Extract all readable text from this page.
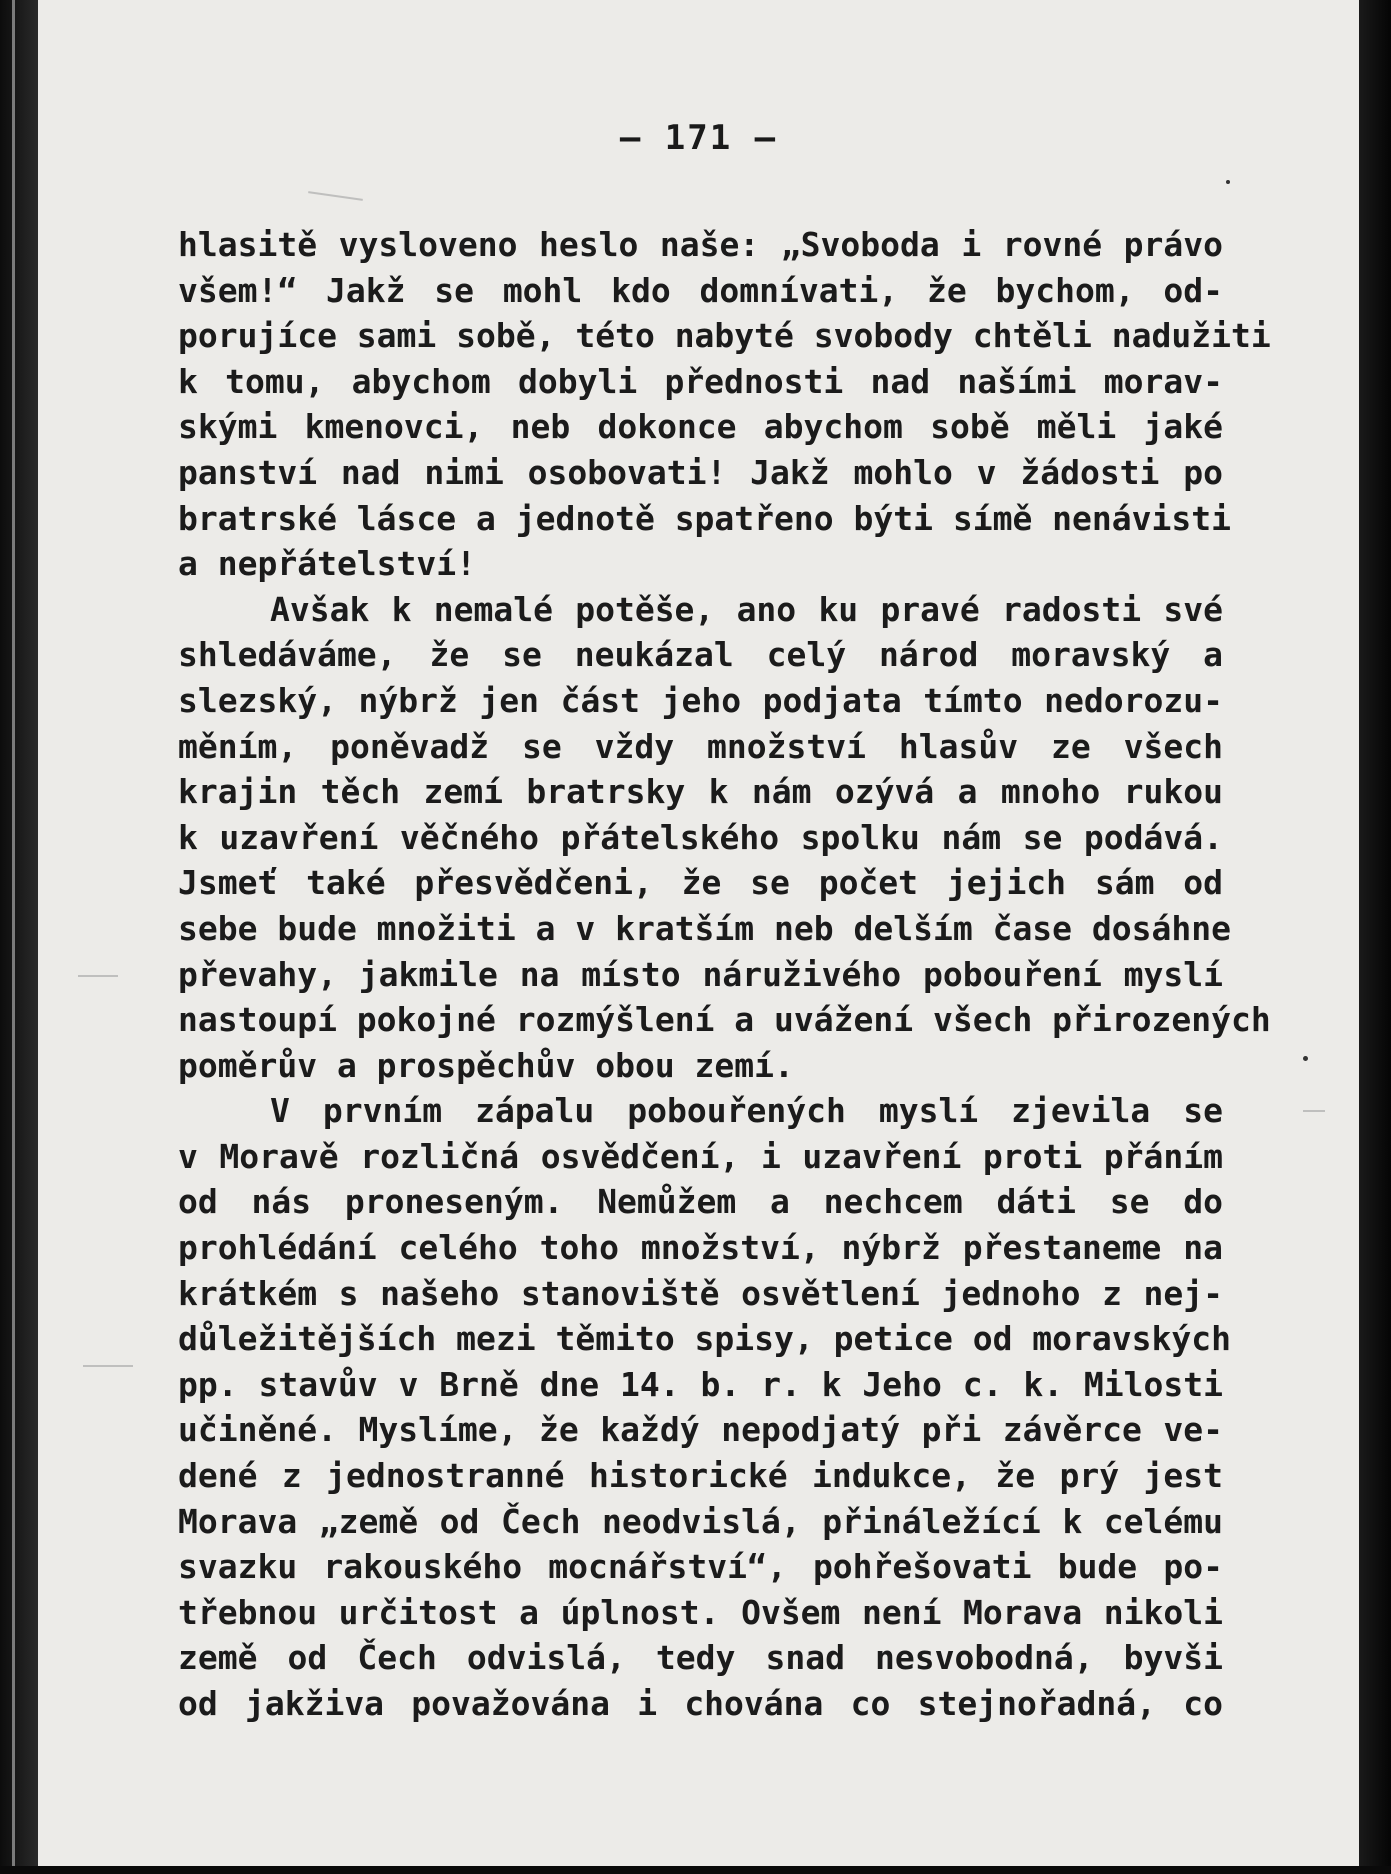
— 171 —
hlasitě vysloveno heslo naše: „Svoboda i rovné právo
všem!“ Jakž se mohl kdo domnívati, že bychom, od-
porujíce sami sobě, této nabyté svobody chtěli nadužiti
k tomu, abychom dobyli přednosti nad našími morav-
skými kmenovci, neb dokonce abychom sobě měli jaké
panství nad nimi osobovati! Jakž mohlo v žádosti po
bratrské lásce a jednotě spatřeno býti símě nenávisti
a nepřátelství!
Avšak k nemalé potěše, ano ku pravé radosti své
shledáváme, že se neukázal celý národ moravský a
slezský, nýbrž jen část jeho podjata tímto nedorozu-
měním, poněvadž se vždy množství hlasův ze všech
krajin těch zemí bratrsky k nám ozývá a mnoho rukou
k uzavření věčného přátelského spolku nám se podává.
Jsmeť také přesvědčeni, že se počet jejich sám od
sebe bude množiti a v kratším neb delším čase dosáhne
převahy, jakmile na místo náruživého pobouření myslí
nastoupí pokojné rozmýšlení a uvážení všech přirozených
poměrův a prospěchův obou zemí.
V prvním zápalu pobouřených myslí zjevila se
v Moravě rozličná osvědčení, i uzavření proti přáním
od nás proneseným. Nemůžem a nechcem dáti se do
prohlédání celého toho množství, nýbrž přestaneme na
krátkém s našeho stanoviště osvětlení jednoho z nej-
důležitějších mezi těmito spisy, petice od moravských
pp. stavův v Brně dne 14. b. r. k Jeho c. k. Milosti
učiněné. Myslíme, že každý nepodjatý při závěrce ve-
dené z jednostranné historické indukce, že prý jest
Morava „země od Čech neodvislá, přináležící k celému
svazku rakouského mocnářství“, pohřešovati bude po-
třebnou určitost a úplnost. Ovšem není Morava nikoli
země od Čech odvislá, tedy snad nesvobodná, byvši
od jakživa považována i chována co stejnořadná, co
